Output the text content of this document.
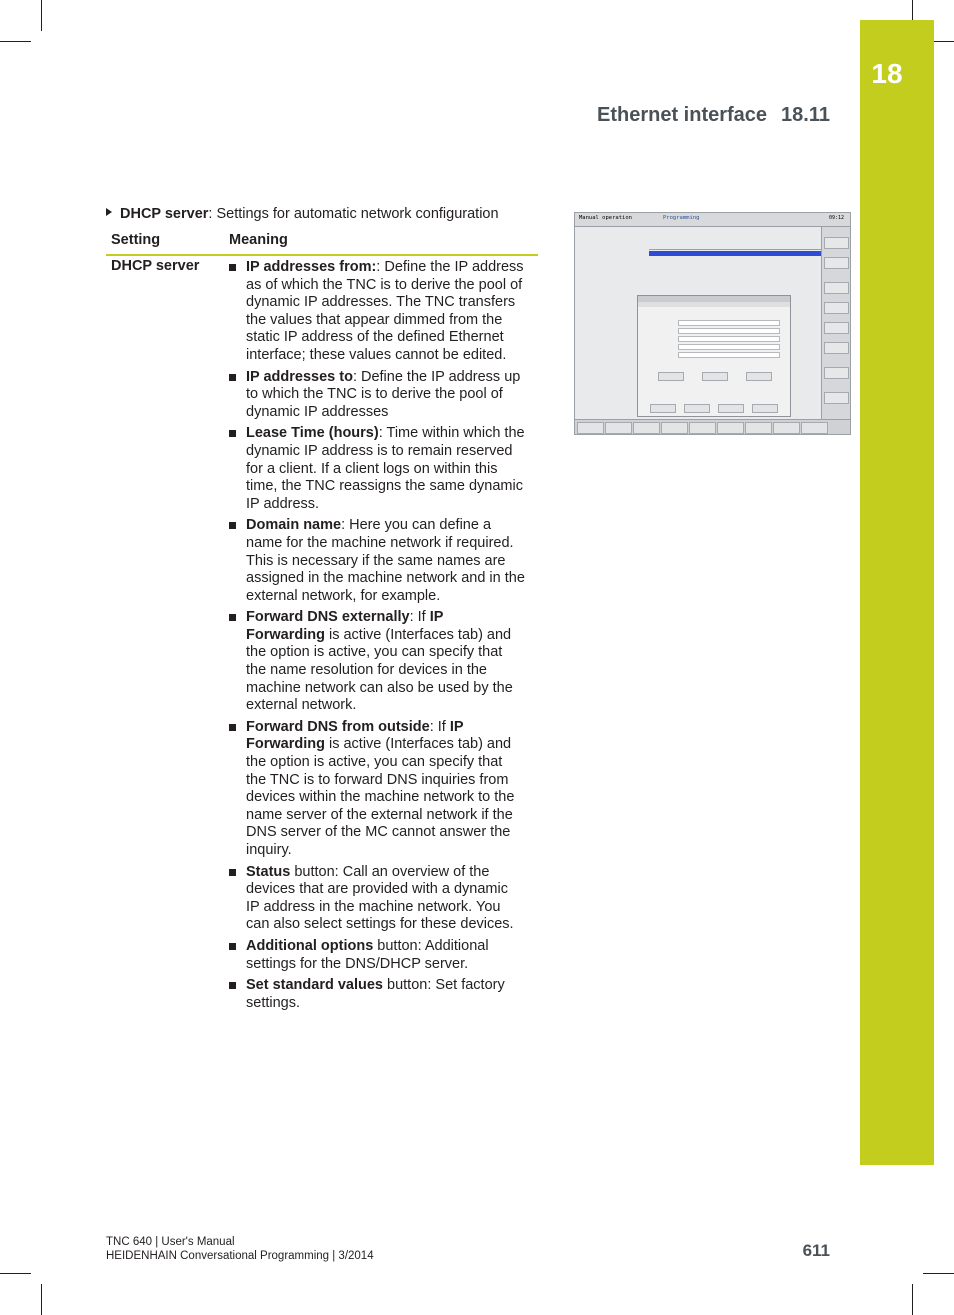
18
Ethernet interface 18.11
DHCP server: Settings for automatic network configuration
Setting	Meaning
DHCP server	IP addresses from:: Define the IP address as of which the TNC is to derive the pool of dynamic IP addresses. The TNC transfers the values that appear dimmed from the static IP address of the defined Ethernet interface; these values cannot be edited.
IP addresses to: Define the IP address up to which the TNC is to derive the pool of dynamic IP addresses
Lease Time (hours): Time within which the dynamic IP address is to remain reserved for a client. If a client logs on within this time, the TNC reassigns the same dynamic IP address.
Domain name: Here you can define a name for the machine network if required. This is necessary if the same names are assigned in the machine network and in the external network, for example.
Forward DNS externally: If IP Forwarding is active (Interfaces tab) and the option is active, you can specify that the name resolution for devices in the machine network can also be used by the external network.
Forward DNS from outside: If IP Forwarding is active (Interfaces tab) and the option is active, you can specify that the TNC is to forward DNS inquiries from devices within the machine network to the name server of the external network if the DNS server of the MC cannot answer the inquiry.
Status button: Call an overview of the devices that are provided with a dynamic IP address in the machine network. You can also select settings for these devices.
Additional options button: Additional settings for the DNS/DHCP server.
Set standard values button: Set factory settings.
Manual operation	Programming	09:12

TNC 640 | User's Manual
HEIDENHAIN Conversational Programming | 3/2014	611
